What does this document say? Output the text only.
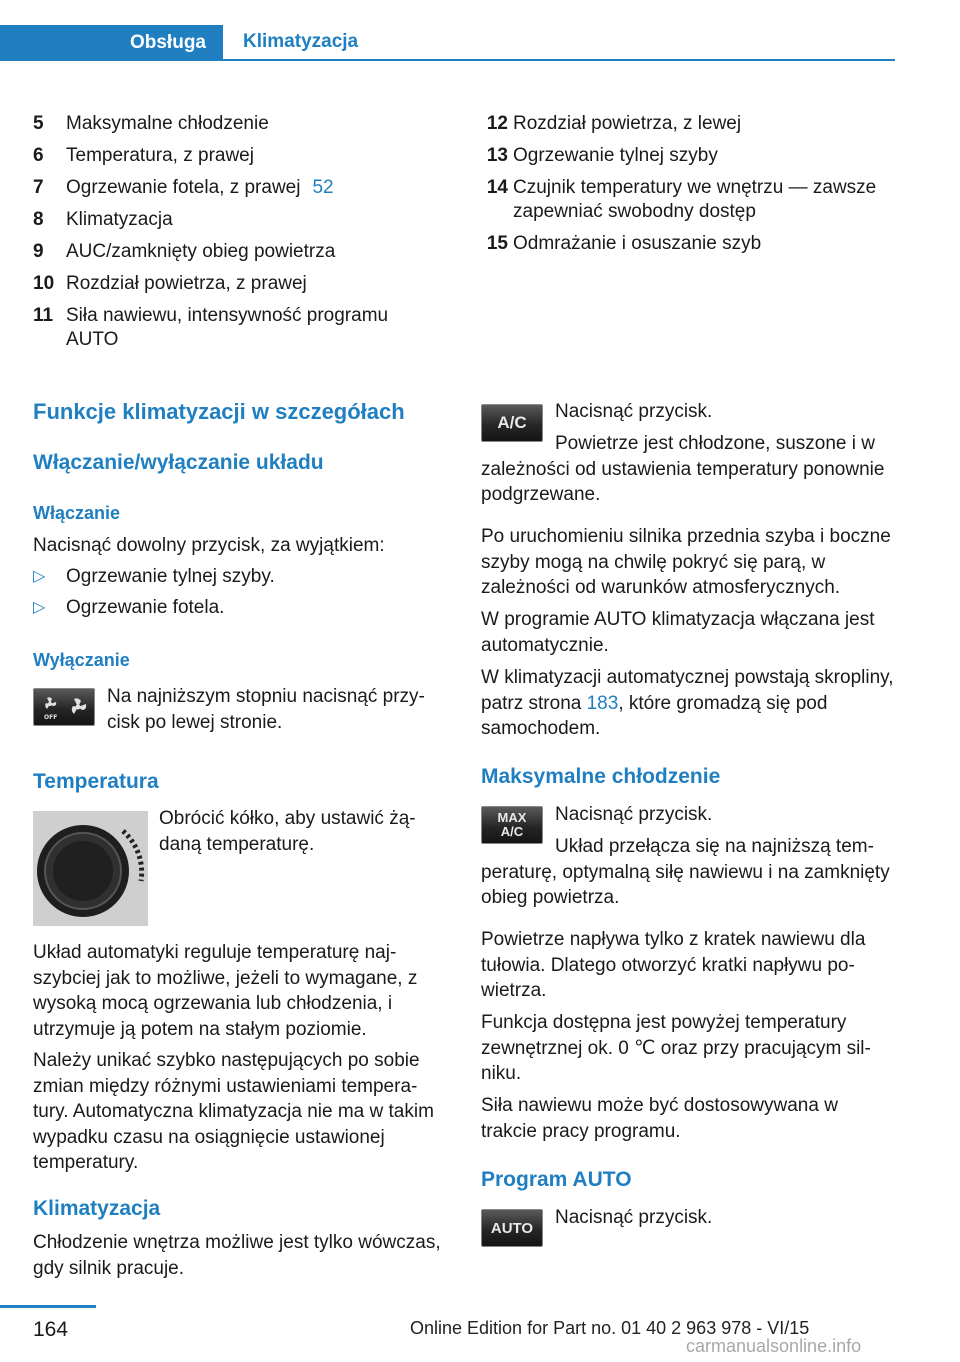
Obsługa	Klimatyzacja
5 Maksymalne chłodzenie
6 Temperatura, z prawej
7 Ogrzewanie fotela, z prawej 52
8 Klimatyzacja
9 AUC/zamknięty obieg powietrza
10 Rozdział powietrza, z prawej
11 Siła nawiewu, intensywność programu AUTO
12 Rozdział powietrza, z lewej
13 Ogrzewanie tylnej szyby
14 Czujnik temperatury we wnętrzu — zawsze zapewniać swobodny dostęp
15 Odmrażanie i osuszanie szyb
Funkcje klimatyzacji w szczegółach
Włączanie/wyłączanie układu
Włączanie
Nacisnąć dowolny przycisk, za wyjątkiem:
▷	Ogrzewanie tylnej szyby.
▷	Ogrzewanie fotela.
Wyłączanie
OFF
Na najniższym stopniu nacisnąć przycisk po lewej stronie.
Temperatura
Obrócić kółko, aby ustawić żądaną temperaturę.
Układ automatyki reguluje temperaturę najszybciej jak to możliwe, jeżeli to wymagane, z wysoką mocą ogrzewania lub chłodzenia, i utrzymuje ją potem na stałym poziomie.
Należy unikać szybko następujących po sobie zmian między różnymi ustawieniami temperatury. Automatyczna klimatyzacja nie ma w takim wypadku czasu na osiągnięcie ustawionej temperatury.
Klimatyzacja
Chłodzenie wnętrza możliwe jest tylko wówczas, gdy silnik pracuje.
A/C
Nacisnąć przycisk.
Powietrze jest chłodzone, suszone i w zależności od ustawienia temperatury ponownie podgrzewane.
Po uruchomieniu silnika przednia szyba i boczne szyby mogą na chwilę pokryć się parą, w zależności od warunków atmosferycznych.
W programie AUTO klimatyzacja włączana jest automatycznie.
W klimatyzacji automatycznej powstają skropliny, patrz strona 183, które gromadzą się pod samochodem.
Maksymalne chłodzenie
MAX
A/C
Nacisnąć przycisk.
Układ przełącza się na najniższą temperaturę, optymalną siłę nawiewu i na zamknięty obieg powietrza.
Powietrze napływa tylko z kratek nawiewu dla tułowia. Dlatego otworzyć kratki napływu powietrza.
Funkcja dostępna jest powyżej temperatury zewnętrznej ok. 0 ℃ oraz przy pracującym silniku.
Siła nawiewu może być dostosowywana w trakcie pracy programu.
Program AUTO
AUTO	Nacisnąć przycisk.
164	Online Edition for Part no. 01 40 2 963 978 - VI/15
carmanualsonline.info
